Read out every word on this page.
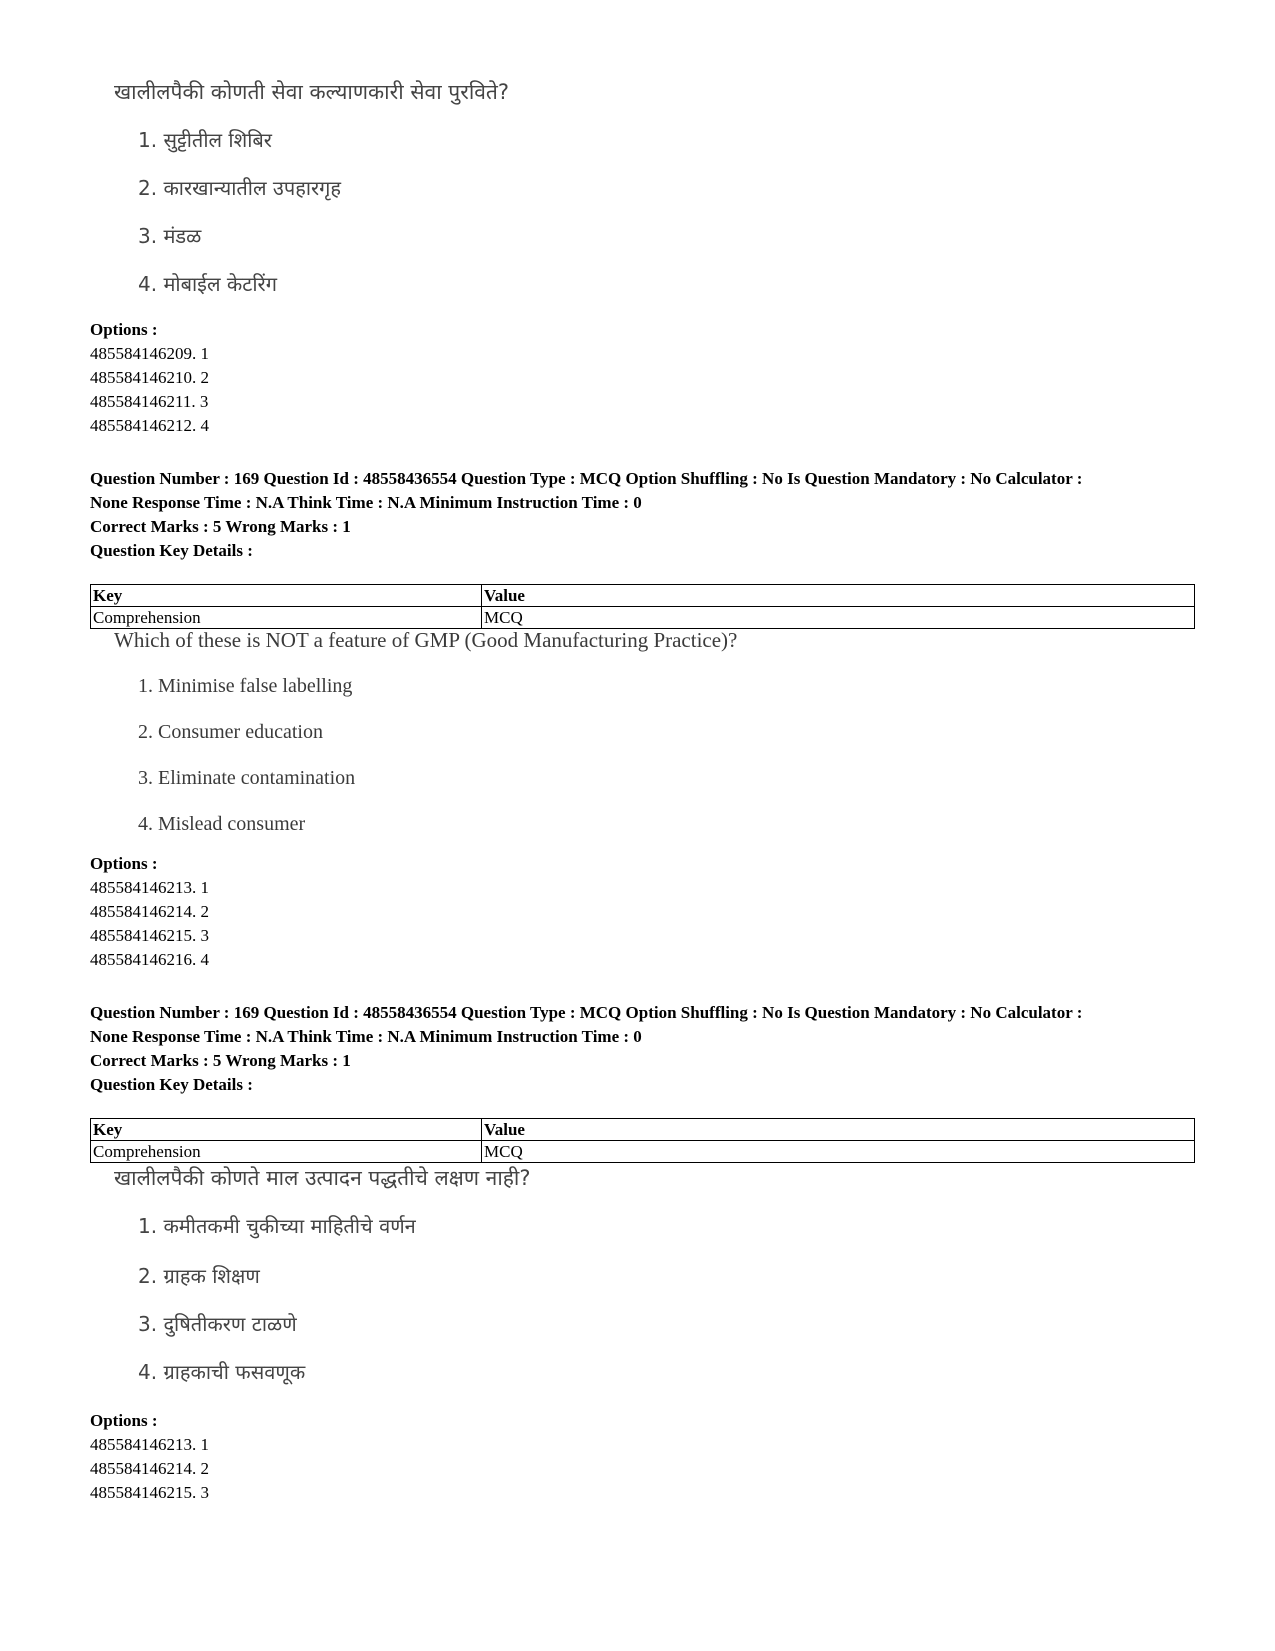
खालीलपैकी कोणती सेवा कल्याणकारी सेवा पुरविते?
1. सुट्टीतील शिबिर
2. कारखान्यातील उपहारगृह
3. मंडळ
4. मोबाईल केटरिंग
Options :
485584146209. 1
485584146210. 2
485584146211. 3
485584146212. 4
Question Number : 169 Question Id : 48558436554 Question Type : MCQ Option Shuffling : No Is Question Mandatory : No Calculator :
None Response Time : N.A Think Time : N.A Minimum Instruction Time : 0
Correct Marks : 5 Wrong Marks : 1
Question Key Details :
Key	Value
Comprehension	MCQ
Which of these is NOT a feature of GMP (Good Manufacturing Practice)?
1. Minimise false labelling
2. Consumer education
3. Eliminate contamination
4. Mislead consumer
Options :
485584146213. 1
485584146214. 2
485584146215. 3
485584146216. 4
Question Number : 169 Question Id : 48558436554 Question Type : MCQ Option Shuffling : No Is Question Mandatory : No Calculator :
None Response Time : N.A Think Time : N.A Minimum Instruction Time : 0
Correct Marks : 5 Wrong Marks : 1
Question Key Details :
Key	Value
Comprehension	MCQ
खालीलपैकी कोणते माल उत्पादन पद्धतीचे लक्षण नाही?
1. कमीतकमी चुकीच्या माहितीचे वर्णन
2. ग्राहक शिक्षण
3. दुषितीकरण टाळणे
4. ग्राहकाची फसवणूक
Options :
485584146213. 1
485584146214. 2
485584146215. 3
